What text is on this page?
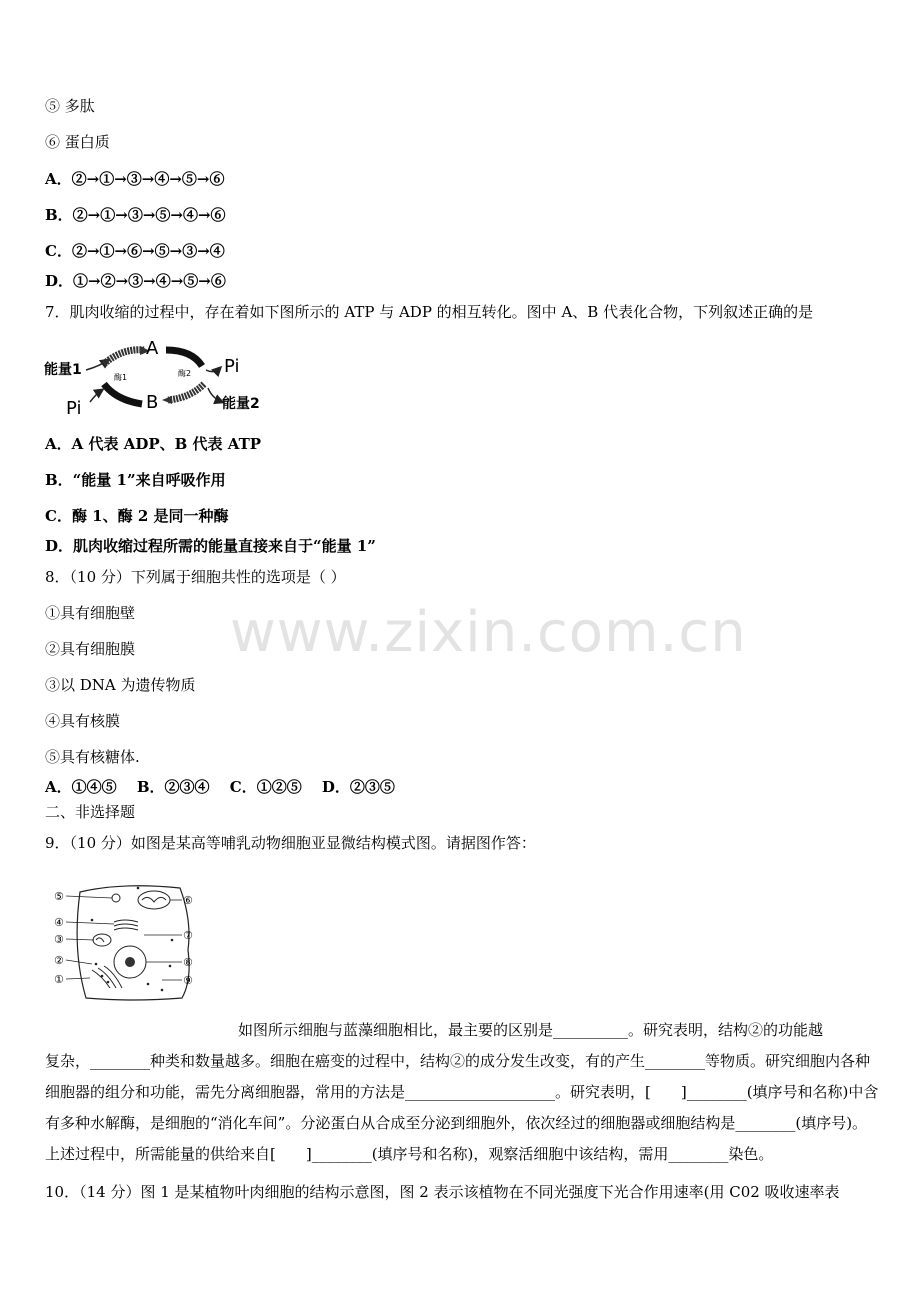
www.zixin.com.cn
⑤ 多肽
⑥ 蛋白质
A．②→①→③→④→⑤→⑥
B．②→①→③→⑤→④→⑥
C．②→①→⑥→⑤→③→④
D．①→②→③→④→⑤→⑥
7．肌肉收缩的过程中，存在着如下图所示的 ATP 与 ADP 的相互转化。图中 A、B 代表化合物，下列叙述正确的是
能量1
A
Pi
酶1	酶2
能量2
B
Pi
A．A 代表 ADP、B 代表 ATP
B．“能量 1”来自呼吸作用
C．酶 1、酶 2 是同一种酶
D．肌肉收缩过程所需的能量直接来自于“能量 1”
8．（10 分）下列属于细胞共性的选项是（ ）
①具有细胞壁
②具有细胞膜
③以 DNA 为遗传物质
④具有核膜
⑤具有核糖体.
A．①④⑤　 B．②③④　 C．①②⑤　 D．②③⑤
二、非选择题
9．（10 分）如图是某高等哺乳动物细胞亚显微结构模式图。请据图作答：
⑤
④
③
②
①
⑥
⑦
⑧
⑨
如图所示细胞与蓝藻细胞相比，最主要的区别是__________。研究表明，结构②的功能越
复杂，________种类和数量越多。细胞在癌变的过程中，结构②的成分发生改变，有的产生________等物质。研究细胞内各种细胞器的组分和功能，需先分离细胞器，常用的方法是____________________。研究表明，[　　]________(填序号和名称)中含有多种水解酶，是细胞的“消化车间”。分泌蛋白从合成至分泌到细胞外，依次经过的细胞器或细胞结构是________(填序号)。上述过程中，所需能量的供给来自[　　]________(填序号和名称)，观察活细胞中该结构，需用________染色。
10．（14 分）图 1 是某植物叶肉细胞的结构示意图，图 2 表示该植物在不同光强度下光合作用速率(用 C02 吸收速率表
